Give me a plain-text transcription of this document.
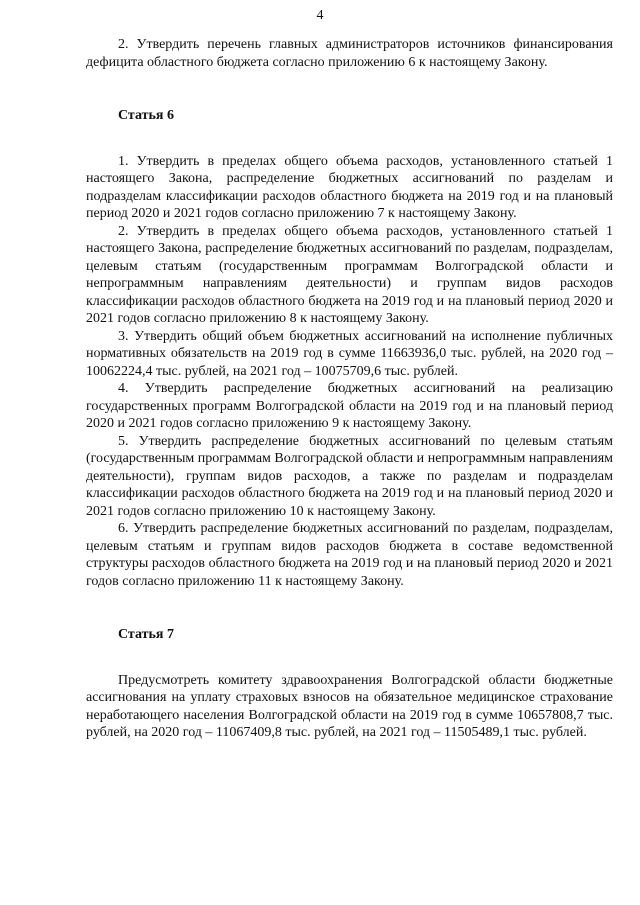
4

2. Утвердить перечень главных администраторов источников финансирования дефицита областного бюджета согласно приложению 6 к настоящему Закону.

Статья 6

1. Утвердить в пределах общего объема расходов, установленного статьей 1 настоящего Закона, распределение бюджетных ассигнований по разделам и подразделам классификации расходов областного бюджета на 2019 год и на плановый период 2020 и 2021 годов согласно приложению 7 к настоящему Закону.

2. Утвердить в пределах общего объема расходов, установленного статьей 1 настоящего Закона, распределение бюджетных ассигнований по разделам, подразделам, целевым статьям (государственным программам Волгоградской области и непрограммным направлениям деятельности) и группам видов расходов классификации расходов областного бюджета на 2019 год и на плановый период 2020 и 2021 годов согласно приложению 8 к настоящему Закону.

3. Утвердить общий объем бюджетных ассигнований на исполнение публичных нормативных обязательств на 2019 год в сумме 11663936,0 тыс. рублей, на 2020 год – 10062224,4 тыс. рублей, на 2021 год – 10075709,6 тыс. рублей.

4. Утвердить распределение бюджетных ассигнований на реализацию государственных программ Волгоградской области на 2019 год и на плановый период 2020 и 2021 годов согласно приложению 9 к настоящему Закону.

5. Утвердить распределение бюджетных ассигнований по целевым статьям (государственным программам Волгоградской области и непрограммным направлениям деятельности), группам видов расходов, а также по разделам и подразделам классификации расходов областного бюджета на 2019 год и на плановый период 2020 и 2021 годов согласно приложению 10 к настоящему Закону.

6. Утвердить распределение бюджетных ассигнований по разделам, подразделам, целевым статьям и группам видов расходов бюджета в составе ведомственной структуры расходов областного бюджета на 2019 год и на плановый период 2020 и 2021 годов согласно приложению 11 к настоящему Закону.

Статья 7

Предусмотреть комитету здравоохранения Волгоградской области бюджетные ассигнования на уплату страховых взносов на обязательное медицинское страхование неработающего населения Волгоградской области на 2019 год в сумме 10657808,7 тыс. рублей, на 2020 год – 11067409,8 тыс. рублей, на 2021 год – 11505489,1 тыс. рублей.
